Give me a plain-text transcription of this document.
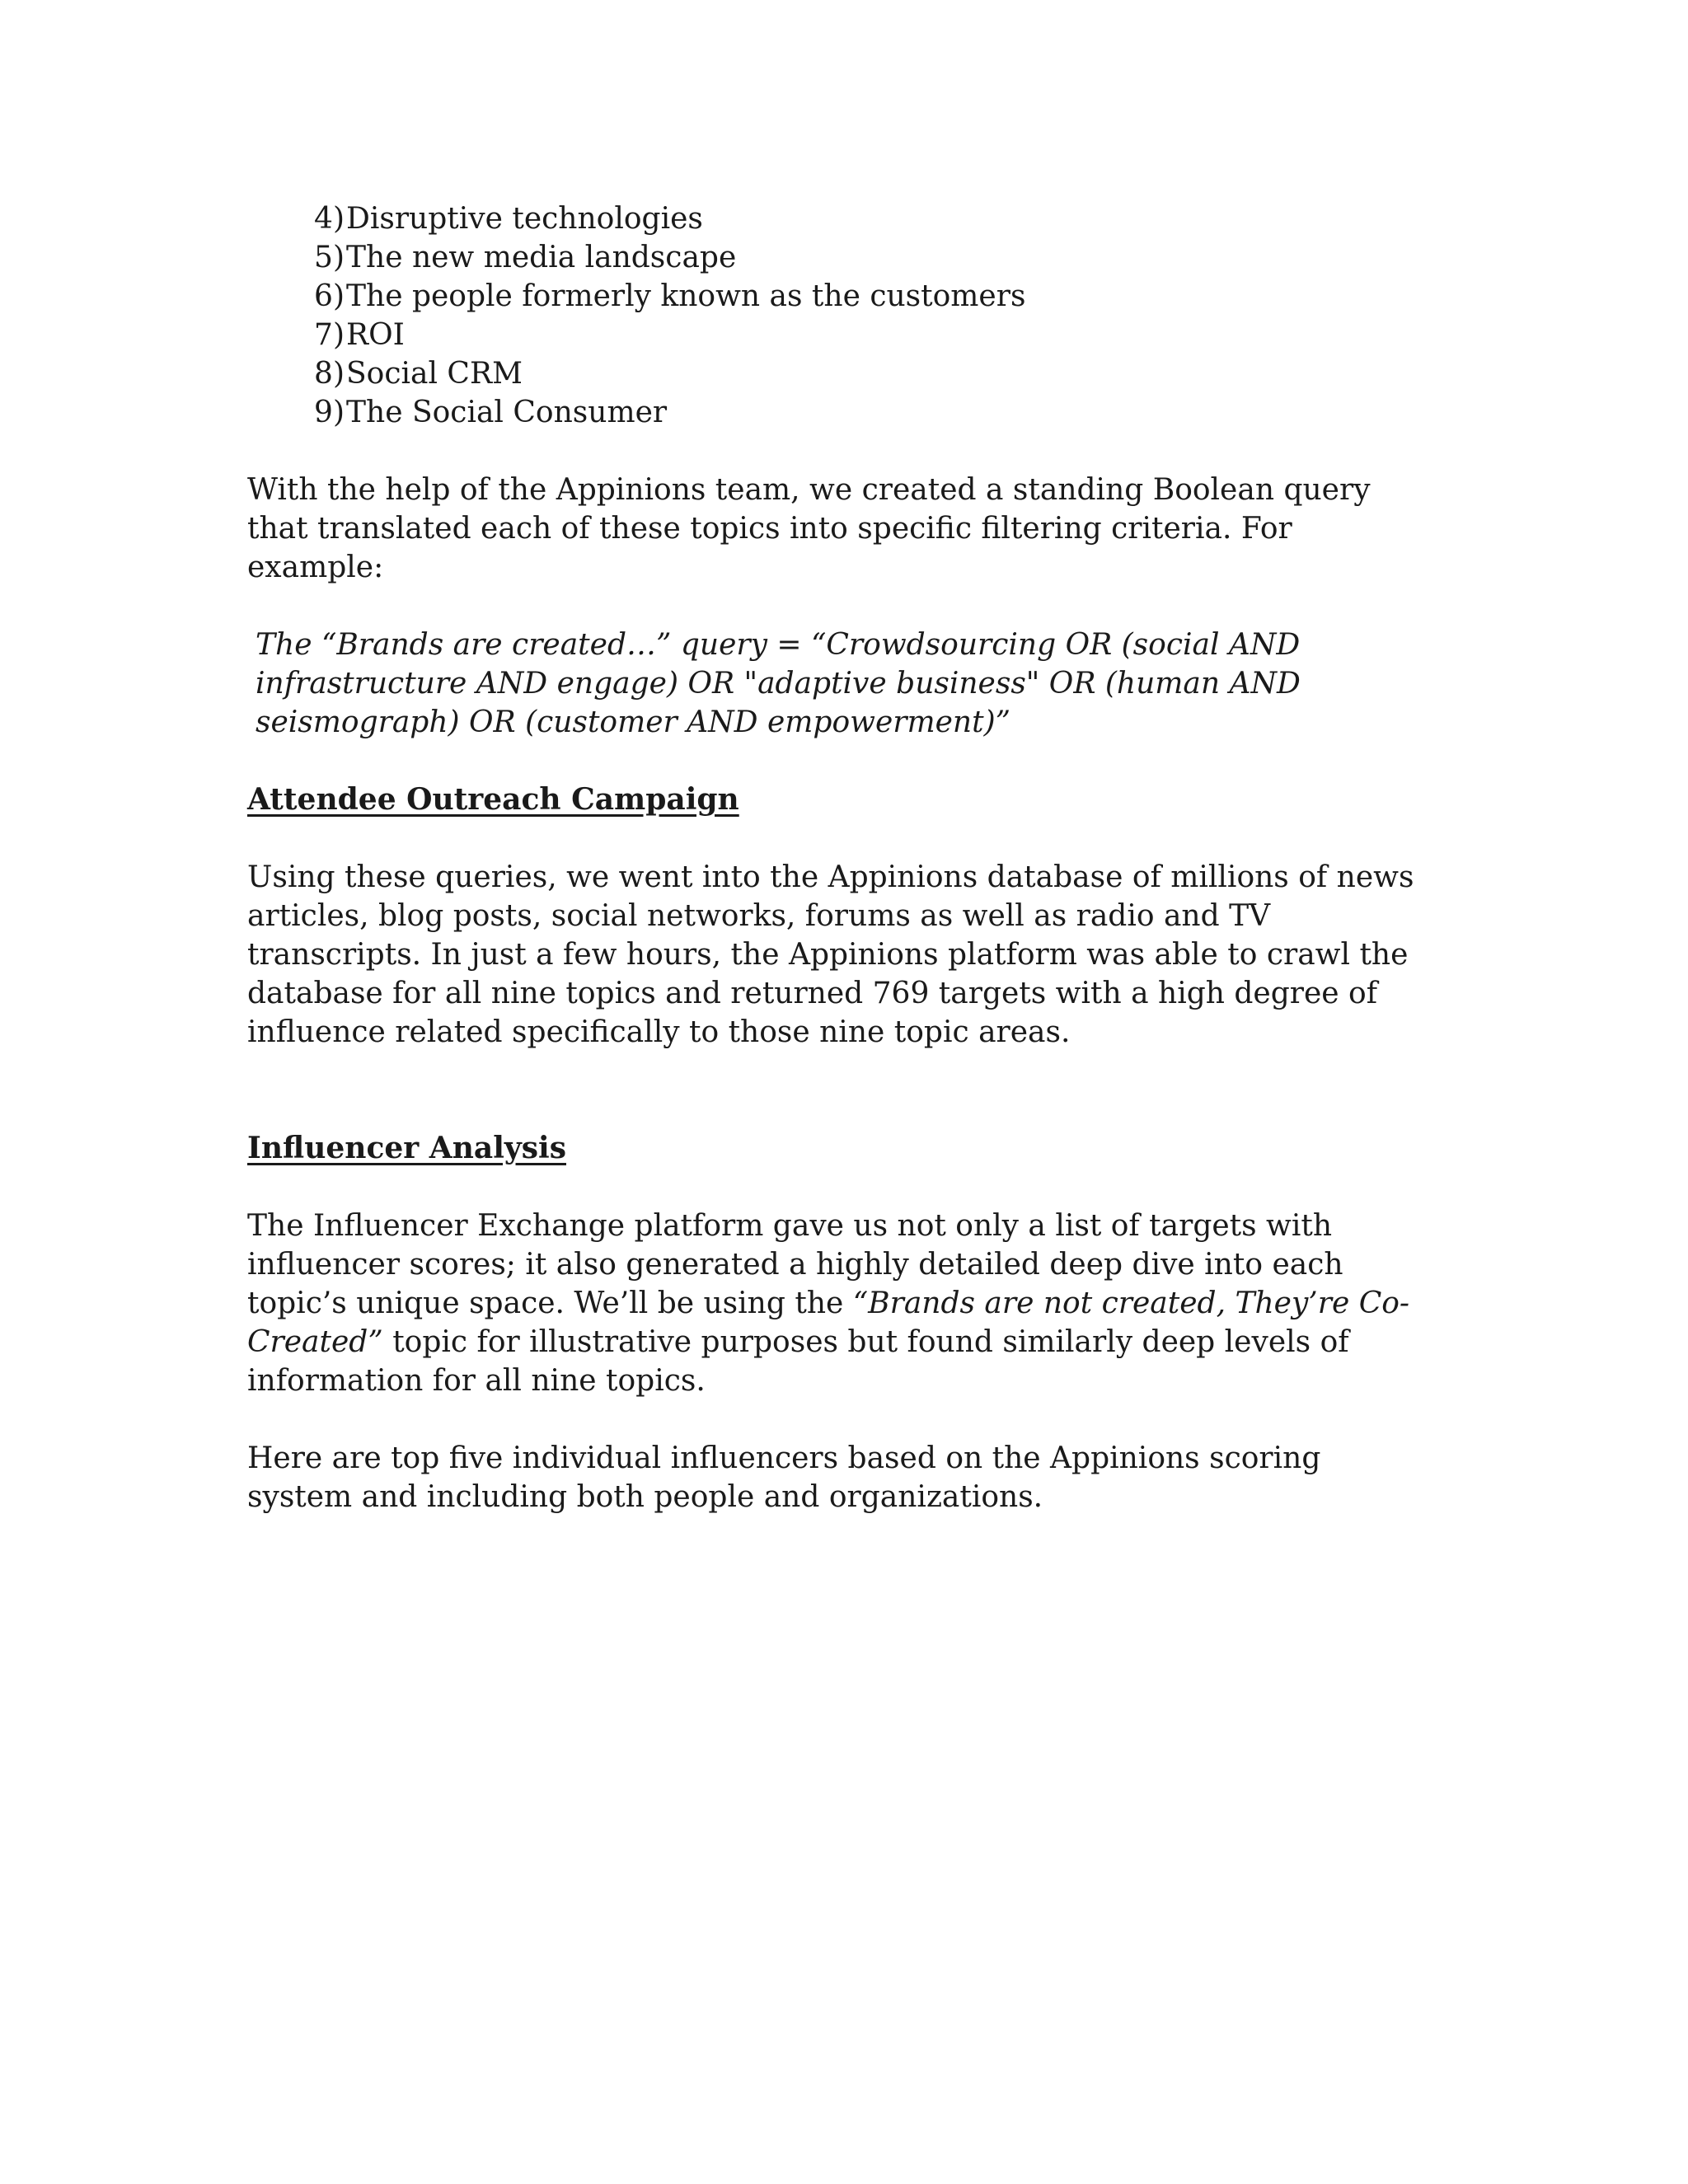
4 ) Disruptive technologies
5 ) The new media landscape
6 ) The people formerly known as the customers
7 ) ROI
8 ) Social CRM
9 ) The Social Consumer

With the help of the Appinions team, we created a standing Boolean query that translated each of these topics into specific filtering criteria. For example:

The “Brands are created…” query = “Crowdsourcing OR (social AND infrastructure AND engage) OR "adaptive business" OR (human AND seismograph) OR (customer AND empowerment)”

Attendee Outreach Campaign

Using these queries, we went into the Appinions database of millions of news articles, blog posts, social networks, forums as well as radio and TV transcripts. In just a few hours, the Appinions platform was able to crawl the database for all nine topics and returned 769 targets with a high degree of influence related specifically to those nine topic areas.

Influencer Analysis

The Influencer Exchange platform gave us not only a list of targets with influencer scores; it also generated a highly detailed deep dive into each topic’s unique space. We’ll be using the “Brands are not created, They’re Co-Created” topic for illustrative purposes but found similarly deep levels of information for all nine topics.

Here are top five individual influencers based on the Appinions scoring system and including both people and organizations.
